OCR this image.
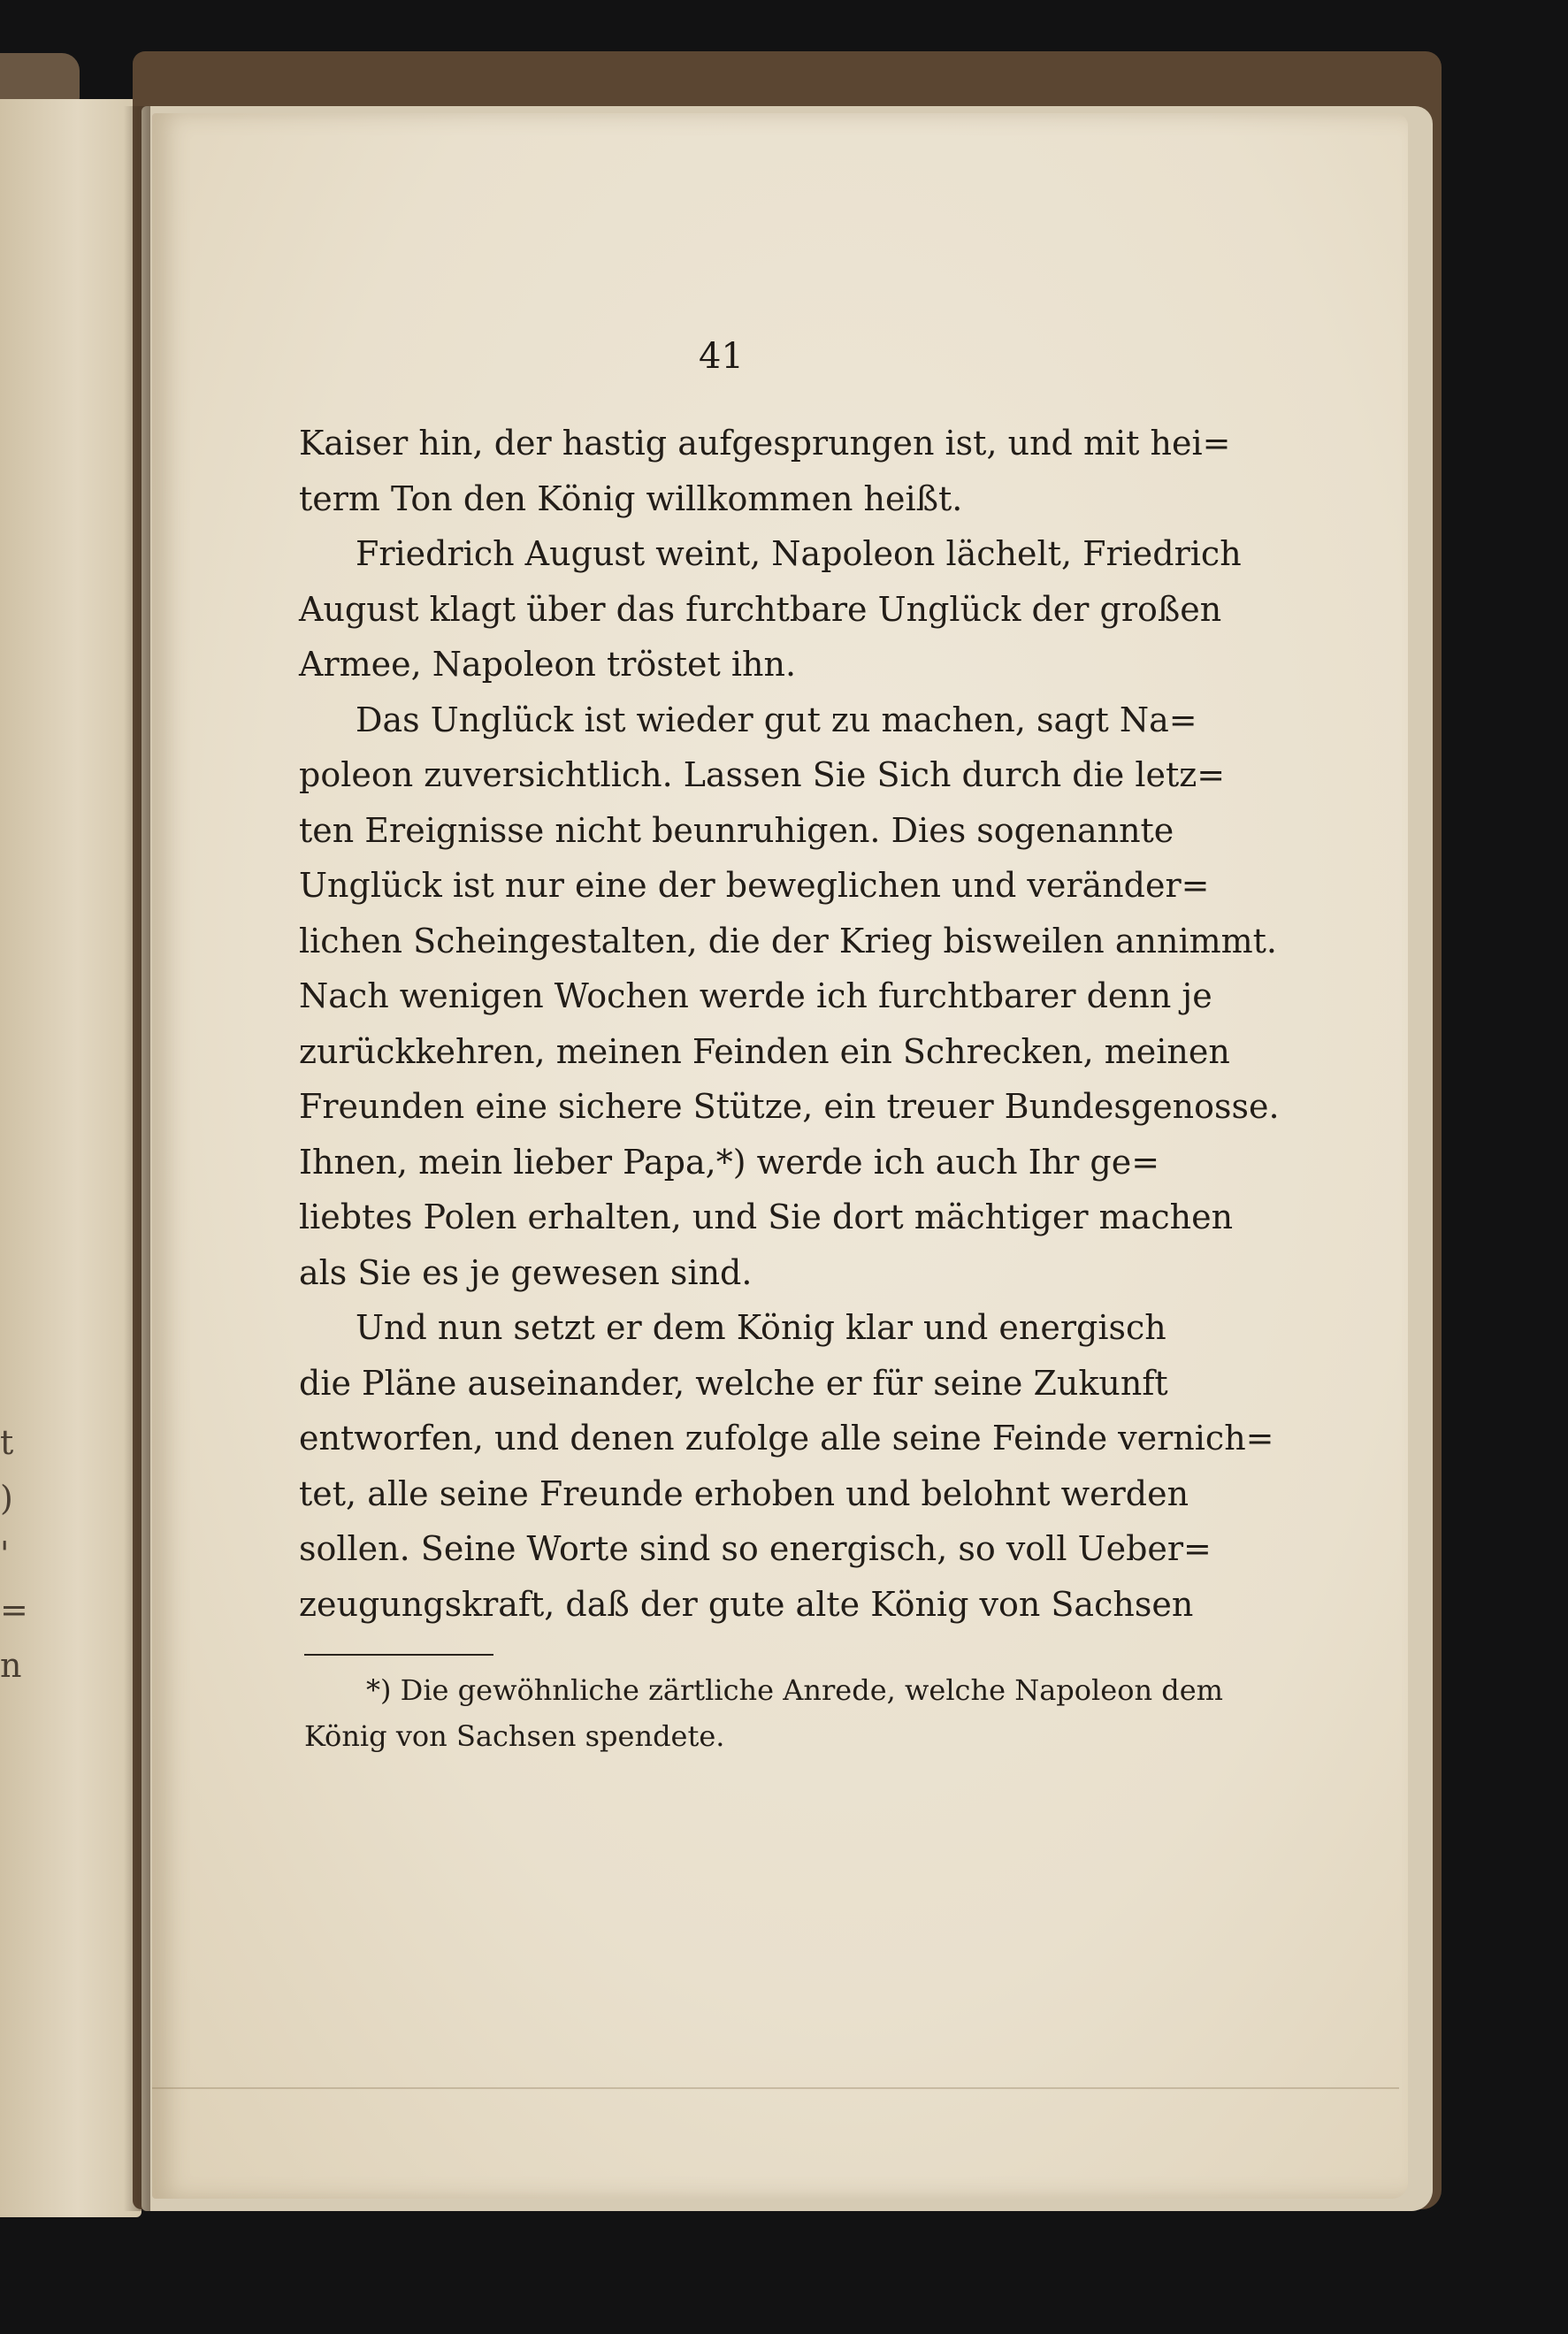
t
)
'
=
n
41
Kaiser hin, der hastig aufgesprungen ist, und mit hei=
term Ton den König willkommen heißt.
Friedrich August weint, Napoleon lächelt, Friedrich
August klagt über das furchtbare Unglück der großen
Armee, Napoleon tröstet ihn.
Das Unglück ist wieder gut zu machen, sagt Na=
poleon zuversichtlich. Lassen Sie Sich durch die letz=
ten Ereignisse nicht beunruhigen. Dies sogenannte
Unglück ist nur eine der beweglichen und veränder=
lichen Scheingestalten, die der Krieg bisweilen annimmt.
Nach wenigen Wochen werde ich furchtbarer denn je
zurückkehren, meinen Feinden ein Schrecken, meinen
Freunden eine sichere Stütze, ein treuer Bundesgenosse.
Ihnen, mein lieber Papa,*) werde ich auch Ihr ge=
liebtes Polen erhalten, und Sie dort mächtiger machen
als Sie es je gewesen sind.
Und nun setzt er dem König klar und energisch
die Pläne auseinander, welche er für seine Zukunft
entworfen, und denen zufolge alle seine Feinde vernich=
tet, alle seine Freunde erhoben und belohnt werden
sollen. Seine Worte sind so energisch, so voll Ueber=
zeugungskraft, daß der gute alte König von Sachsen
*) Die gewöhnliche zärtliche Anrede, welche Napoleon dem
König von Sachsen spendete.
